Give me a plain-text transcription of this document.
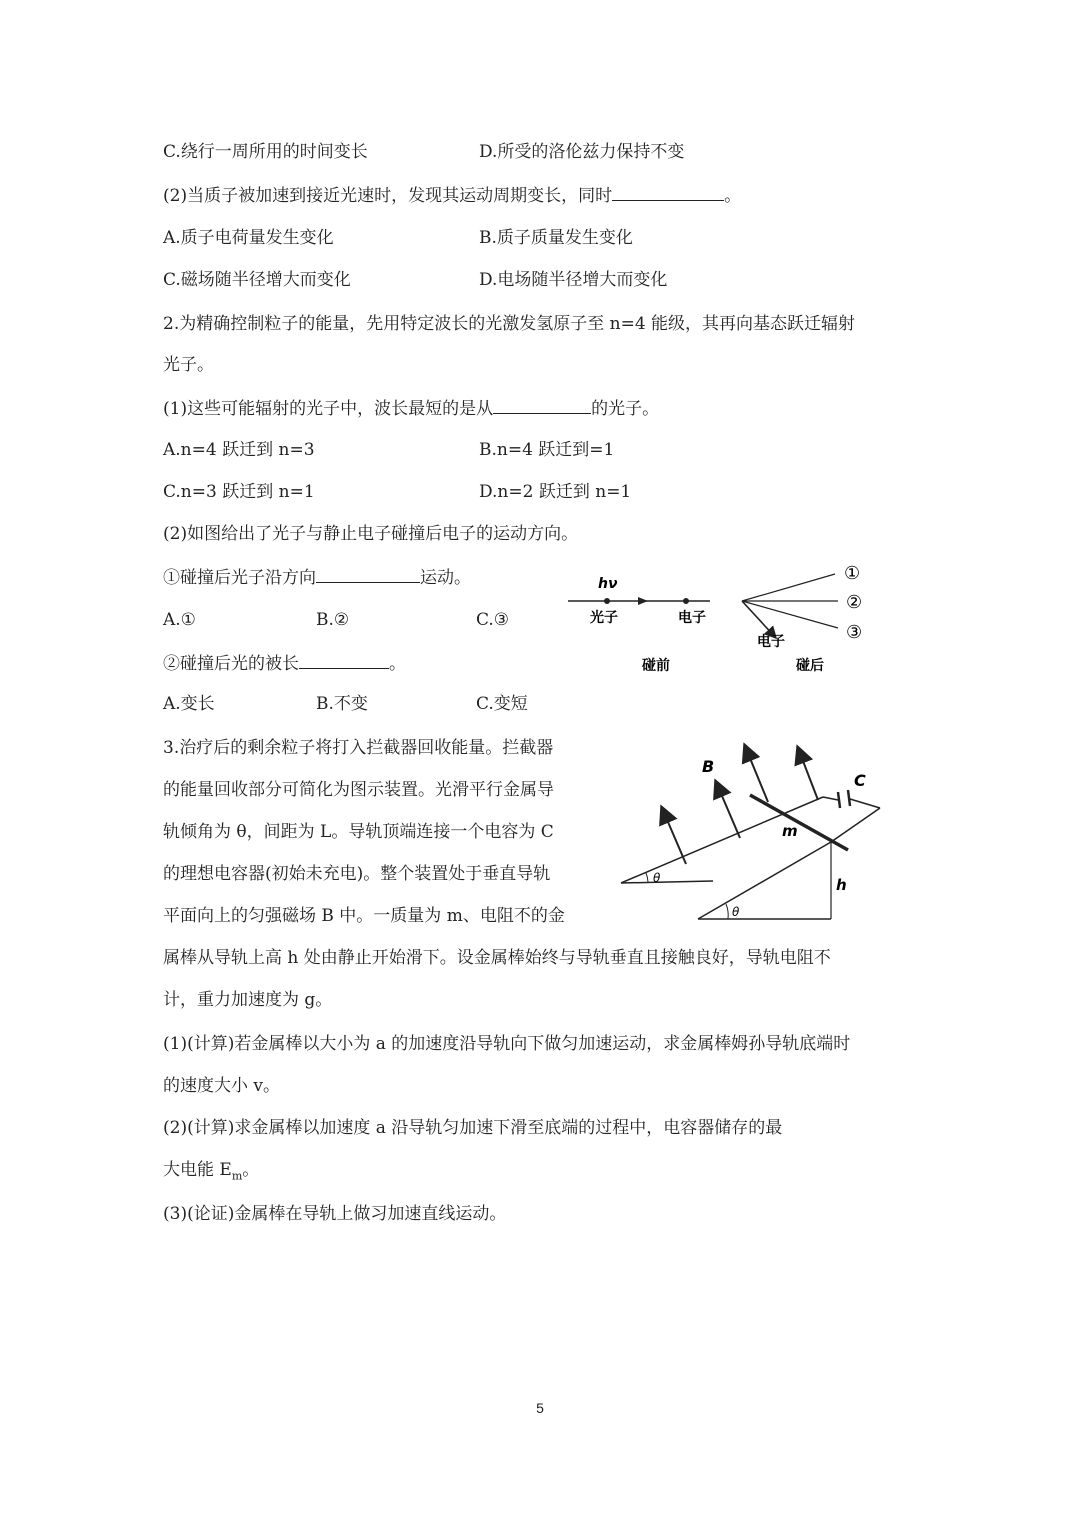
C.绕行一周所用的时间变长	D.所受的洛伦兹力保持不变
(2)当质子被加速到接近光速时，发现其运动周期变长，同时	。
A.质子电荷量发生变化	B.质子质量发生变化
C.磁场随半径增大而变化	D.电场随半径增大而变化
2.为精确控制粒子的能量，先用特定波长的光激发氢原子至 n=4 能级，其再向基态跃迁辐射
光子。
(1)这些可能辐射的光子中，波长最短的是从	的光子。
A.n=4 跃迁到 n=3	B.n=4 跃迁到=1
C.n=3 跃迁到 n=1	D.n=2 跃迁到 n=1
(2)如图给出了光子与静止电子碰撞后电子的运动方向。
①碰撞后光子沿方向	运动。
A.①	B.②	C.③
②碰撞后光的被长	。
A.变长	B.不变	C.变短
hν
光子	电子
碰前
电子
碰后
①
②
③
3.治疗后的剩余粒子将打入拦截器回收能量。拦截器
的能量回收部分可简化为图示装置。光滑平行金属导
轨倾角为 θ，间距为 L。导轨顶端连接一个电容为 C
的理想电容器(初始未充电)。整个装置处于垂直导轨
平面向上的匀强磁场 B 中。一质量为 m、电阻不的金
属棒从导轨上高 h 处由静止开始滑下。设金属棒始终与导轨垂直且接触良好，导轨电阻不
计，重力加速度为 g。
B
C
m
h
θ
θ
(1)(计算)若金属棒以大小为 a 的加速度沿导轨向下做匀加速运动，求金属棒姆孙导轨底端时
的速度大小 v。
(2)(计算)求金属棒以加速度 a 沿导轨匀加速下滑至底端的过程中，电容器储存的最
大电能 $E_m$。
(3)(论证)金属棒在导轨上做习加速直线运动。
5
